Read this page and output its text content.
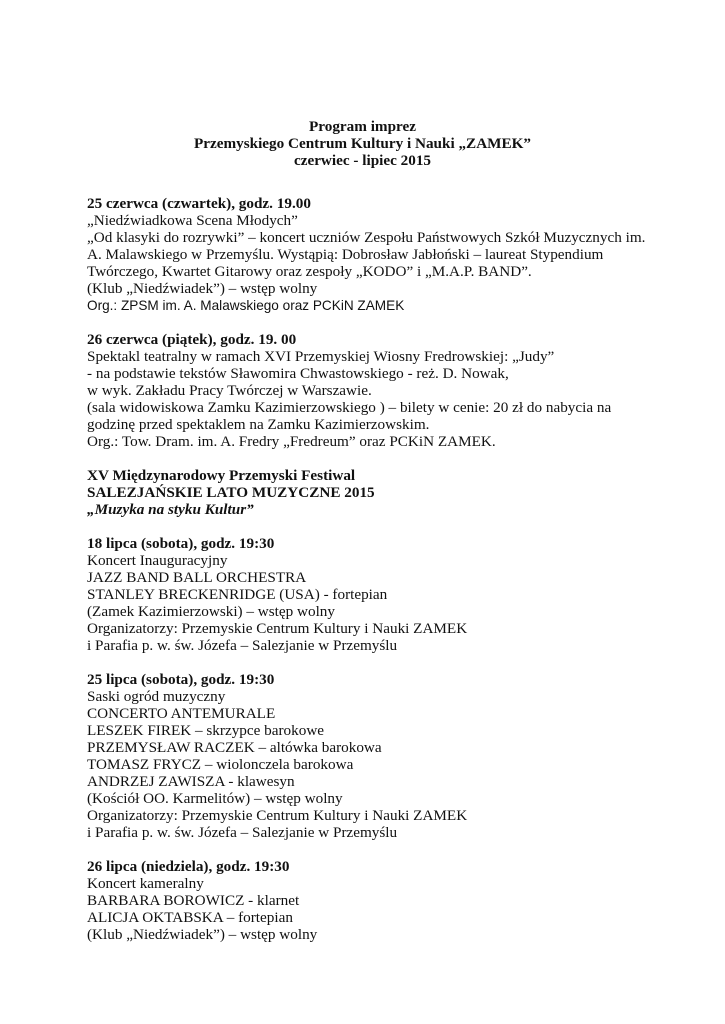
Program imprez
Przemyskiego Centrum Kultury i Nauki „ZAMEK”
czerwiec - lipiec 2015
25 czerwca (czwartek), godz. 19.00
„Niedźwiadkowa Scena Młodych”
„Od klasyki do rozrywki” – koncert uczniów Zespołu Państwowych Szkół Muzycznych im.
A. Malawskiego w Przemyślu. Wystąpią: Dobrosław Jabłoński – laureat Stypendium
Twórczego, Kwartet Gitarowy oraz zespoły „KODO” i „M.A.P. BAND”.
(Klub „Niedźwiadek”) – wstęp wolny
Org.: ZPSM im. A. Malawskiego oraz PCKiN ZAMEK
26 czerwca (piątek), godz. 19. 00
Spektakl teatralny w ramach XVI Przemyskiej Wiosny Fredrowskiej: „Judy”
- na podstawie tekstów Sławomira Chwastowskiego - reż. D. Nowak,
w wyk. Zakładu Pracy Twórczej w Warszawie.
(sala widowiskowa Zamku Kazimierzowskiego ) – bilety w cenie: 20 zł do nabycia na
godzinę przed spektaklem na Zamku Kazimierzowskim.
Org.: Tow. Dram. im. A. Fredry „Fredreum” oraz PCKiN ZAMEK.
XV Międzynarodowy Przemyski Festiwal
SALEZJAŃSKIE LATO MUZYCZNE 2015
„Muzyka na styku Kultur”
18 lipca (sobota), godz. 19:30
Koncert Inauguracyjny
JAZZ BAND BALL ORCHESTRA
STANLEY BRECKENRIDGE (USA) - fortepian
(Zamek Kazimierzowski) – wstęp wolny
Organizatorzy: Przemyskie Centrum Kultury i Nauki ZAMEK
i Parafia p. w. św. Józefa – Salezjanie w Przemyślu
25 lipca (sobota), godz. 19:30
Saski ogród muzyczny
CONCERTO ANTEMURALE
LESZEK FIREK – skrzypce barokowe
PRZEMYSŁAW RACZEK – altówka barokowa
TOMASZ FRYCZ – wiolonczela barokowa
ANDRZEJ ZAWISZA - klawesyn
(Kościół OO. Karmelitów) – wstęp wolny
Organizatorzy: Przemyskie Centrum Kultury i Nauki ZAMEK
i Parafia p. w. św. Józefa – Salezjanie w Przemyślu
26 lipca (niedziela), godz. 19:30
Koncert kameralny
BARBARA BOROWICZ - klarnet
ALICJA OKTABSKA – fortepian
(Klub „Niedźwiadek”) – wstęp wolny
